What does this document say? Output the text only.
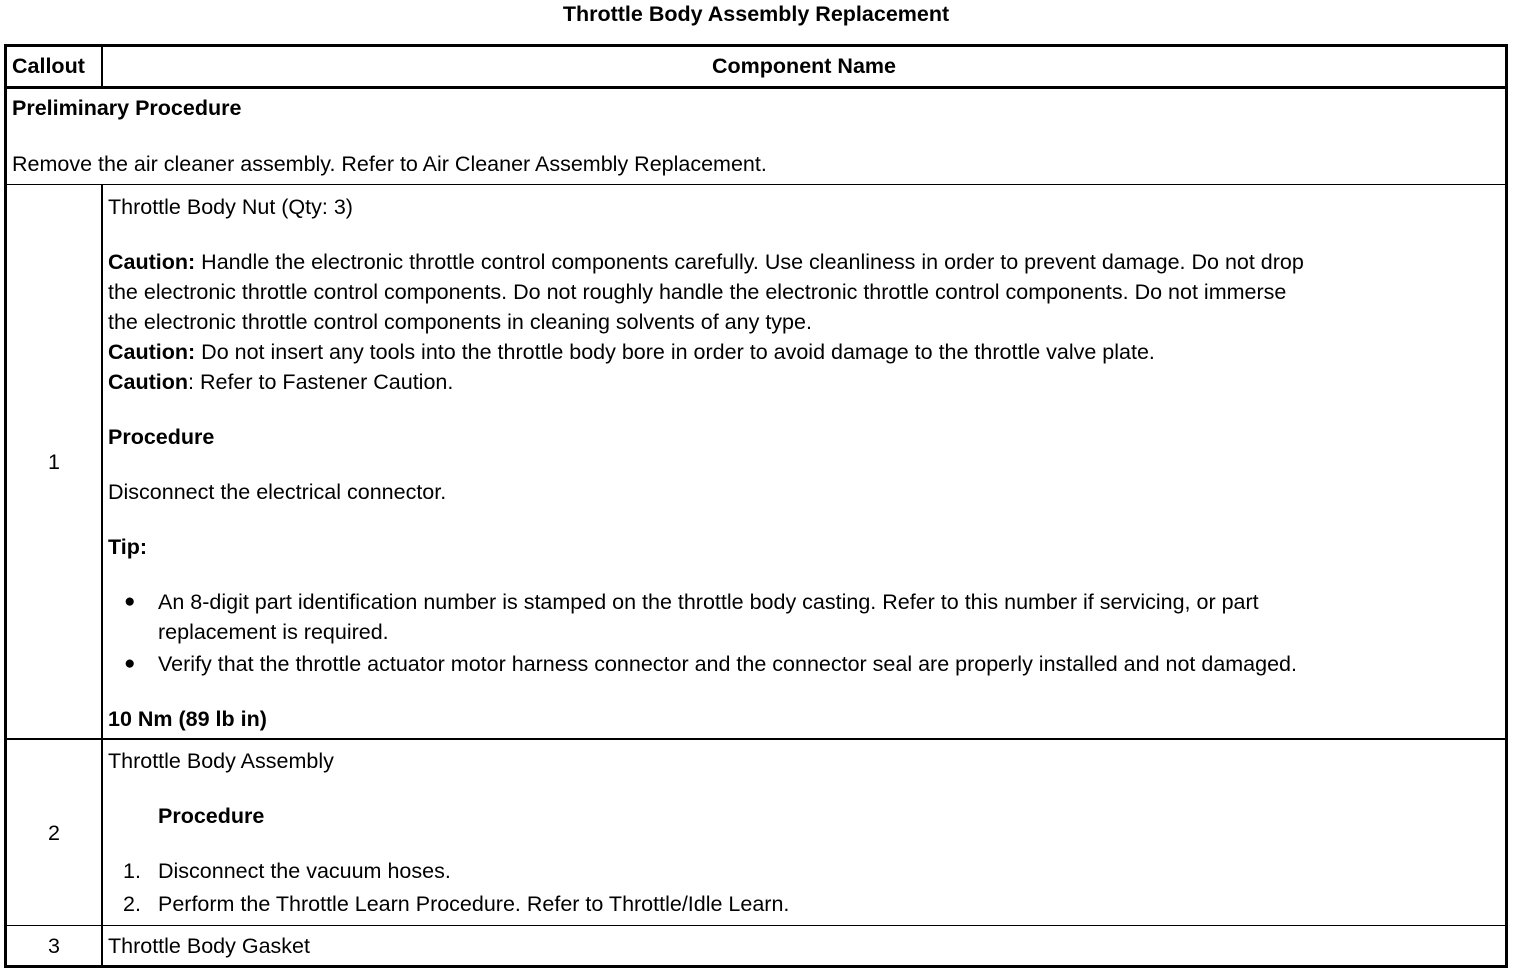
Throttle Body Assembly Replacement
Callout	Component Name
Preliminary Procedure
Remove the air cleaner assembly. Refer to Air Cleaner Assembly Replacement.
1
Throttle Body Nut (Qty: 3)
Caution: Handle the electronic throttle control components carefully. Use cleanliness in order to prevent damage. Do not drop
the electronic throttle control components. Do not roughly handle the electronic throttle control components. Do not immerse
the electronic throttle control components in cleaning solvents of any type.
Caution: Do not insert any tools into the throttle body bore in order to avoid damage to the throttle valve plate.
Caution: Refer to Fastener Caution.
Procedure
Disconnect the electrical connector.
Tip:
● An 8-digit part identification number is stamped on the throttle body casting. Refer to this number if servicing, or part
replacement is required.
● Verify that the throttle actuator motor harness connector and the connector seal are properly installed and not damaged.
10 Nm (89 lb in)
2
Throttle Body Assembly
Procedure
1. Disconnect the vacuum hoses.
2. Perform the Throttle Learn Procedure. Refer to Throttle/Idle Learn.
3	Throttle Body Gasket
